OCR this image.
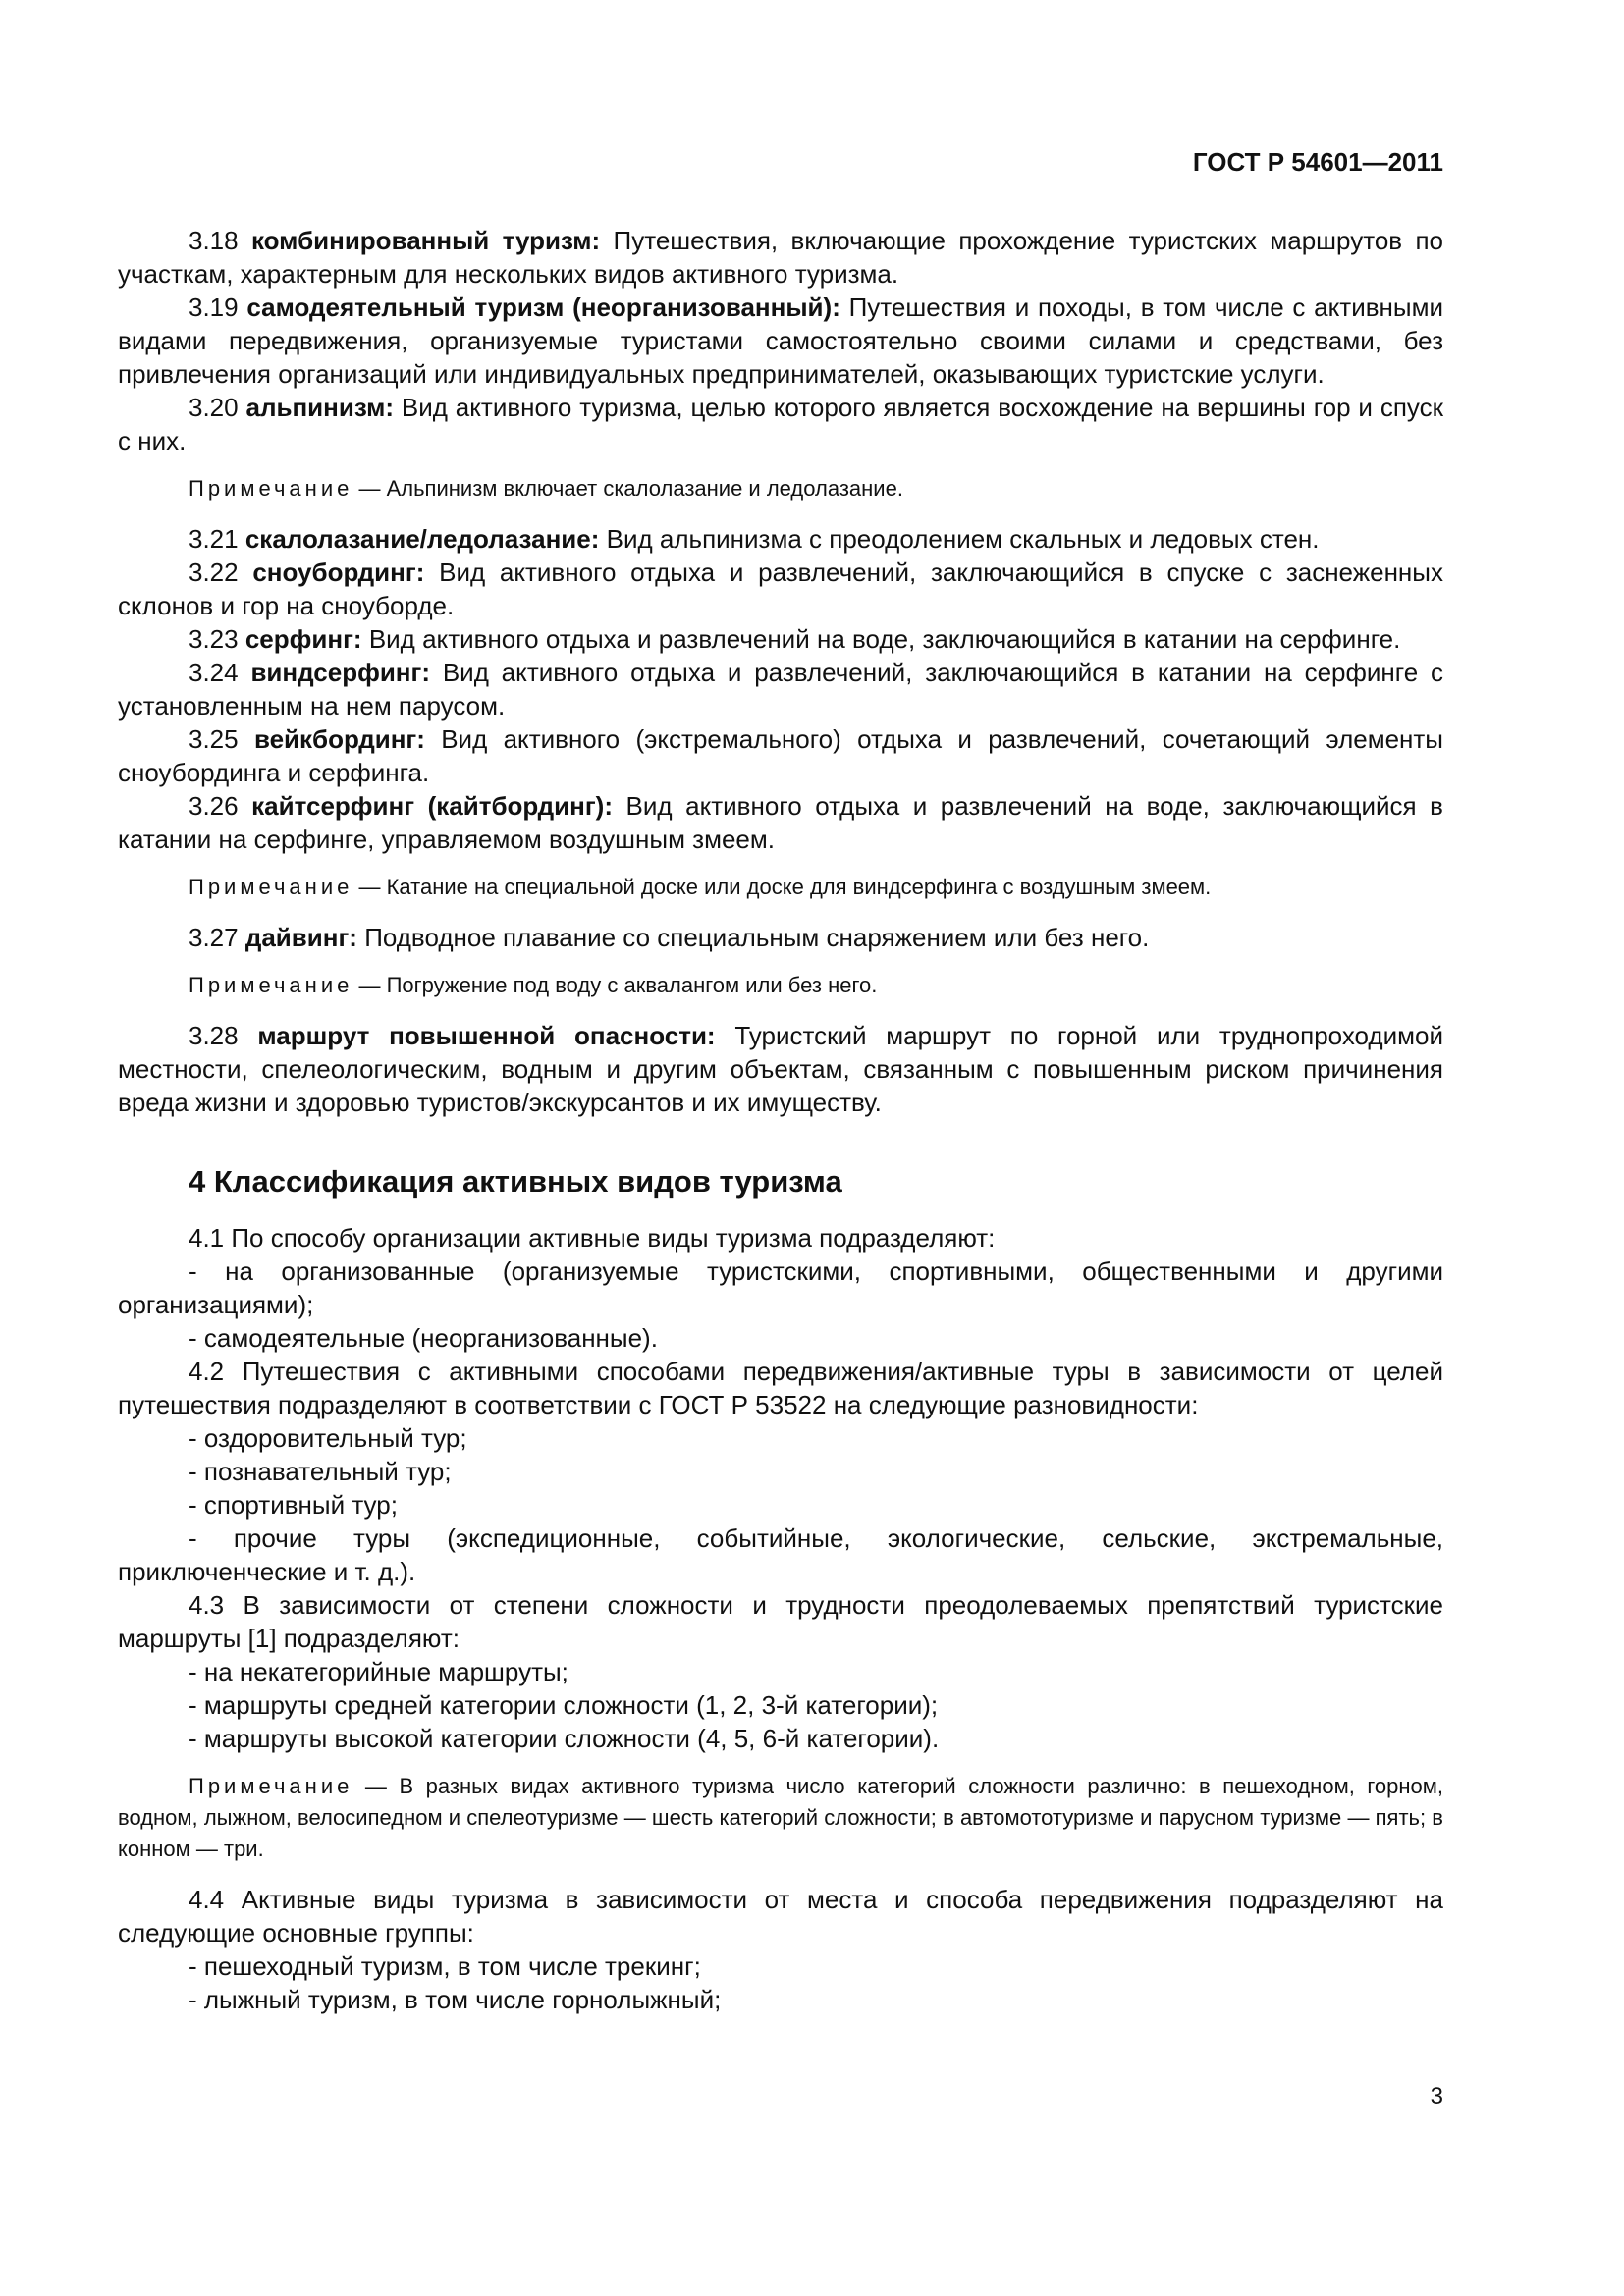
ГОСТ Р 54601—2011

3.18 комбинированный туризм: Путешествия, включающие прохождение туристских маршрутов по участкам, характерным для нескольких видов активного туризма.

3.19 самодеятельный туризм (неорганизованный): Путешествия и походы, в том числе с активными видами передвижения, организуемые туристами самостоятельно своими силами и средствами, без привлечения организаций или индивидуальных предпринимателей, оказывающих туристские услуги.

3.20 альпинизм: Вид активного туризма, целью которого является восхождение на вершины гор и спуск с них.

Примечание — Альпинизм включает скалолазание и ледолазание.

3.21 скалолазание/ледолазание: Вид альпинизма с преодолением скальных и ледовых стен.

3.22 сноубординг: Вид активного отдыха и развлечений, заключающийся в спуске с заснеженных склонов и гор на сноуборде.

3.23 серфинг: Вид активного отдыха и развлечений на воде, заключающийся в катании на серфинге.

3.24 виндсерфинг: Вид активного отдыха и развлечений, заключающийся в катании на серфинге с установленным на нем парусом.

3.25 вейкбординг: Вид активного (экстремального) отдыха и развлечений, сочетающий элементы сноубординга и серфинга.

3.26 кайтсерфинг (кайтбординг): Вид активного отдыха и развлечений на воде, заключающийся в катании на серфинге, управляемом воздушным змеем.

Примечание — Катание на специальной доске или доске для виндсерфинга с воздушным змеем.

3.27 дайвинг: Подводное плавание со специальным снаряжением или без него.

Примечание — Погружение под воду с аквалангом или без него.

3.28 маршрут повышенной опасности: Туристский маршрут по горной или труднопроходимой местности, спелеологическим, водным и другим объектам, связанным с повышенным риском причинения вреда жизни и здоровью туристов/экскурсантов и их имуществу.

4 Классификация активных видов туризма

4.1 По способу организации активные виды туризма подразделяют:

- на организованные (организуемые туристскими, спортивными, общественными и другими организациями);

- самодеятельные (неорганизованные).

4.2 Путешествия с активными способами передвижения/активные туры в зависимости от целей путешествия подразделяют в соответствии с ГОСТ Р 53522 на следующие разновидности:

- оздоровительный тур;

- познавательный тур;

- спортивный тур;

- прочие туры (экспедиционные, событийные, экологические, сельские, экстремальные, приключенческие и т. д.).

4.3 В зависимости от степени сложности и трудности преодолеваемых препятствий туристские маршруты [1] подразделяют:

- на некатегорийные маршруты;

- маршруты средней категории сложности (1, 2, 3-й категории);

- маршруты высокой категории сложности (4, 5, 6-й категории).

Примечание — В разных видах активного туризма число категорий сложности различно: в пешеходном, горном, водном, лыжном, велосипедном и спелеотуризме — шесть категорий сложности; в автомототуризме и парусном туризме — пять; в конном — три.

4.4 Активные виды туризма в зависимости от места и способа передвижения подразделяют на следующие основные группы:

- пешеходный туризм, в том числе трекинг;

- лыжный туризм, в том числе горнолыжный;

3
